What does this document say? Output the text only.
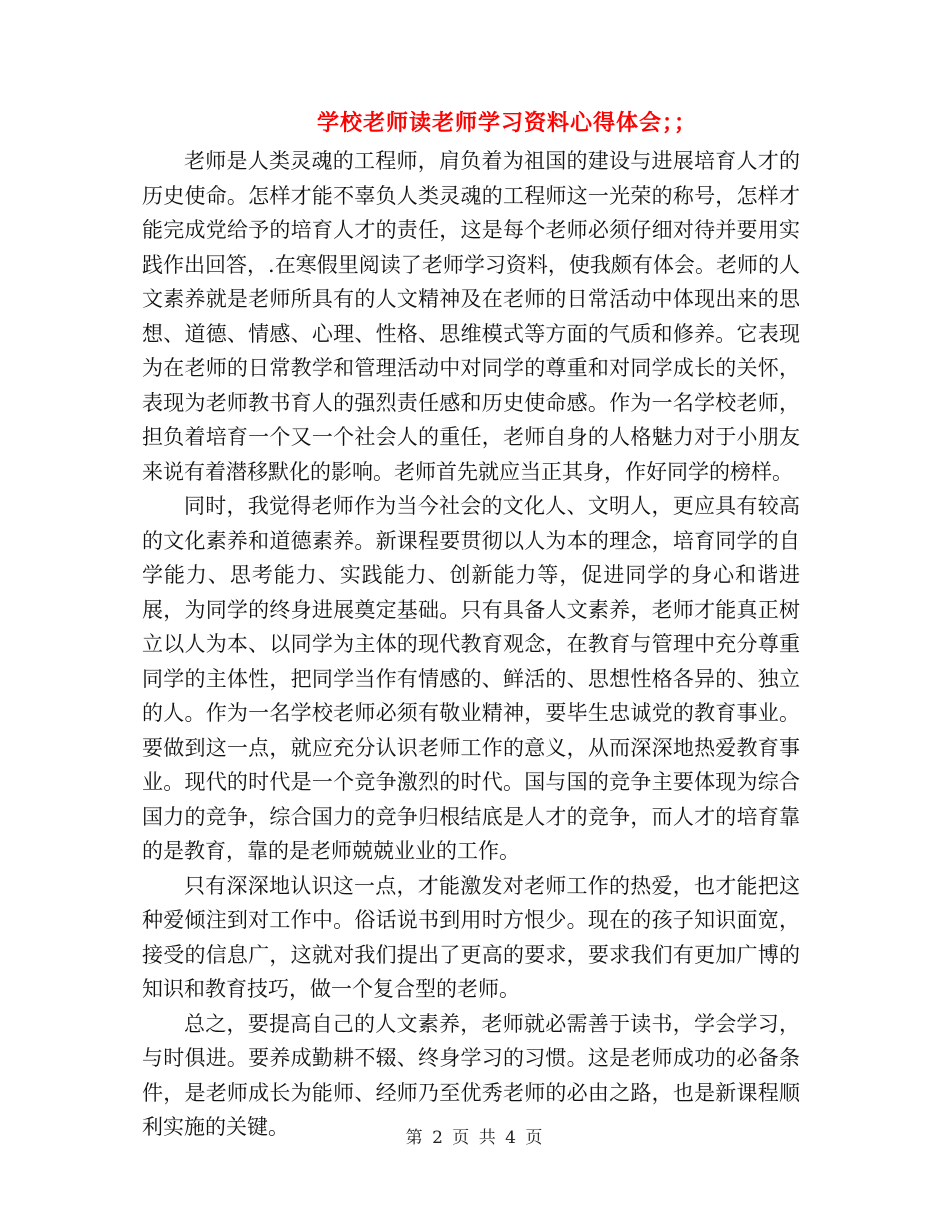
学校老师读老师学习资料心得体会；；

老师是人类灵魂的工程师，肩负着为祖国的建设与进展培育人才的历史使命。怎样才能不辜负人类灵魂的工程师这一光荣的称号，怎样才能完成党给予的培育人才的责任，这是每个老师必须仔细对待并要用实践作出回答，.在寒假里阅读了老师学习资料，使我颇有体会。老师的人文素养就是老师所具有的人文精神及在老师的日常活动中体现出来的思想、道德、情感、心理、性格、思维模式等方面的气质和修养。它表现为在老师的日常教学和管理活动中对同学的尊重和对同学成长的关怀，表现为老师教书育人的强烈责任感和历史使命感。作为一名学校老师，担负着培育一个又一个社会人的重任，老师自身的人格魅力对于小朋友来说有着潜移默化的影响。老师首先就应当正其身，作好同学的榜样。

同时，我觉得老师作为当今社会的文化人、文明人，更应具有较高的文化素养和道德素养。新课程要贯彻以人为本的理念，培育同学的自学能力、思考能力、实践能力、创新能力等，促进同学的身心和谐进展，为同学的终身进展奠定基础。只有具备人文素养，老师才能真正树立以人为本、以同学为主体的现代教育观念，在教育与管理中充分尊重同学的主体性，把同学当作有情感的、鲜活的、思想性格各异的、独立的人。作为一名学校老师必须有敬业精神，要毕生忠诚党的教育事业。要做到这一点，就应充分认识老师工作的意义，从而深深地热爱教育事业。现代的时代是一个竞争激烈的时代。国与国的竞争主要体现为综合国力的竞争，综合国力的竞争归根结底是人才的竞争，而人才的培育靠的是教育，靠的是老师兢兢业业的工作。

只有深深地认识这一点，才能激发对老师工作的热爱，也才能把这种爱倾注到对工作中。俗话说书到用时方恨少。现在的孩子知识面宽，接受的信息广，这就对我们提出了更高的要求，要求我们有更加广博的知识和教育技巧，做一个复合型的老师。

总之，要提高自己的人文素养，老师就必需善于读书，学会学习，与时俱进。要养成勤耕不辍、终身学习的习惯。这是老师成功的必备条件，是老师成长为能师、经师乃至优秀老师的必由之路，也是新课程顺利实施的关键。	第 2 页 共 4 页
